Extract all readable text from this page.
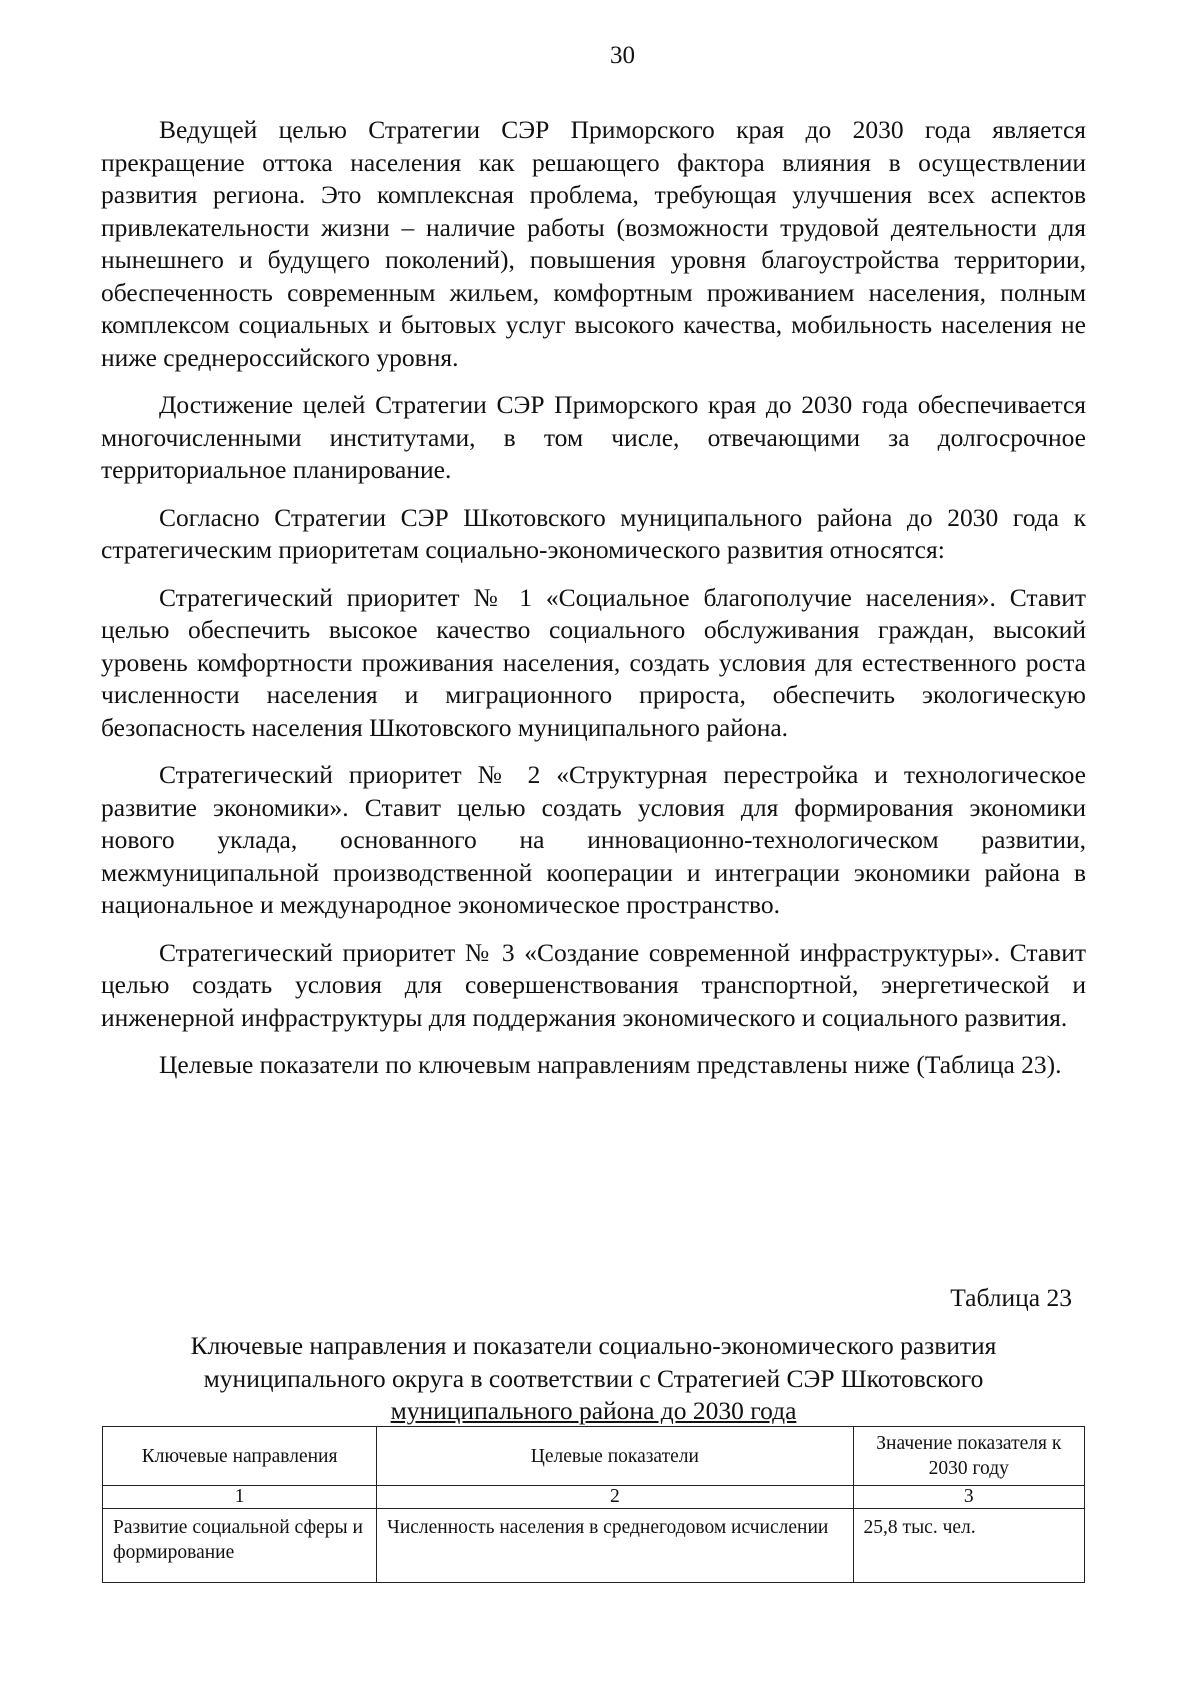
30

Ведущей целью Стратегии СЭР Приморского края до 2030 года является прекращение оттока населения как решающего фактора влияния в осуществлении развития региона. Это комплексная проблема, требующая улучшения всех аспектов привлекательности жизни – наличие работы (возможности трудовой деятельности для нынешнего и будущего поколений), повышения уровня благоустройства территории, обеспеченность современным жильем, комфортным проживанием населения, полным комплексом социальных и бытовых услуг высокого качества, мобильность населения не ниже среднероссийского уровня.

Достижение целей Стратегии СЭР Приморского края до 2030 года обеспечивается многочисленными институтами, в том числе, отвечающими за долгосрочное территориальное планирование.

Согласно Стратегии СЭР Шкотовского муниципального района до 2030 года к стратегическим приоритетам социально-экономического развития относятся:

Стратегический приоритет № 1 «Социальное благополучие населения». Ставит целью обеспечить высокое качество социального обслуживания граждан, высокий уровень комфортности проживания населения, создать условия для естественного роста численности населения и миграционного прироста, обеспечить экологическую безопасность населения Шкотовского муниципального района.

Стратегический приоритет № 2 «Структурная перестройка и технологическое развитие экономики». Ставит целью создать условия для формирования экономики нового уклада, основанного на инновационно-технологическом развитии, межмуниципальной производственной кооперации и интеграции экономики района в национальное и международное экономическое пространство.

Стратегический приоритет № 3 «Создание современной инфраструктуры». Ставит целью создать условия для совершенствования транспортной, энергетической и инженерной инфраструктуры для поддержания экономического и социального развития.

Целевые показатели по ключевым направлениям представлены ниже (Таблица 23).

Таблица 23
Ключевые направления и показатели социально-экономического развития
муниципального округа в соответствии с Стратегией СЭР Шкотовского
муниципального района до 2030 года
Ключевые направления	Целевые показатели	Значение показателя к 2030 году
1	2	3
Развитие социальной сферы и формирование	Численность населения в среднегодовом исчислении	25,8 тыс. чел.
